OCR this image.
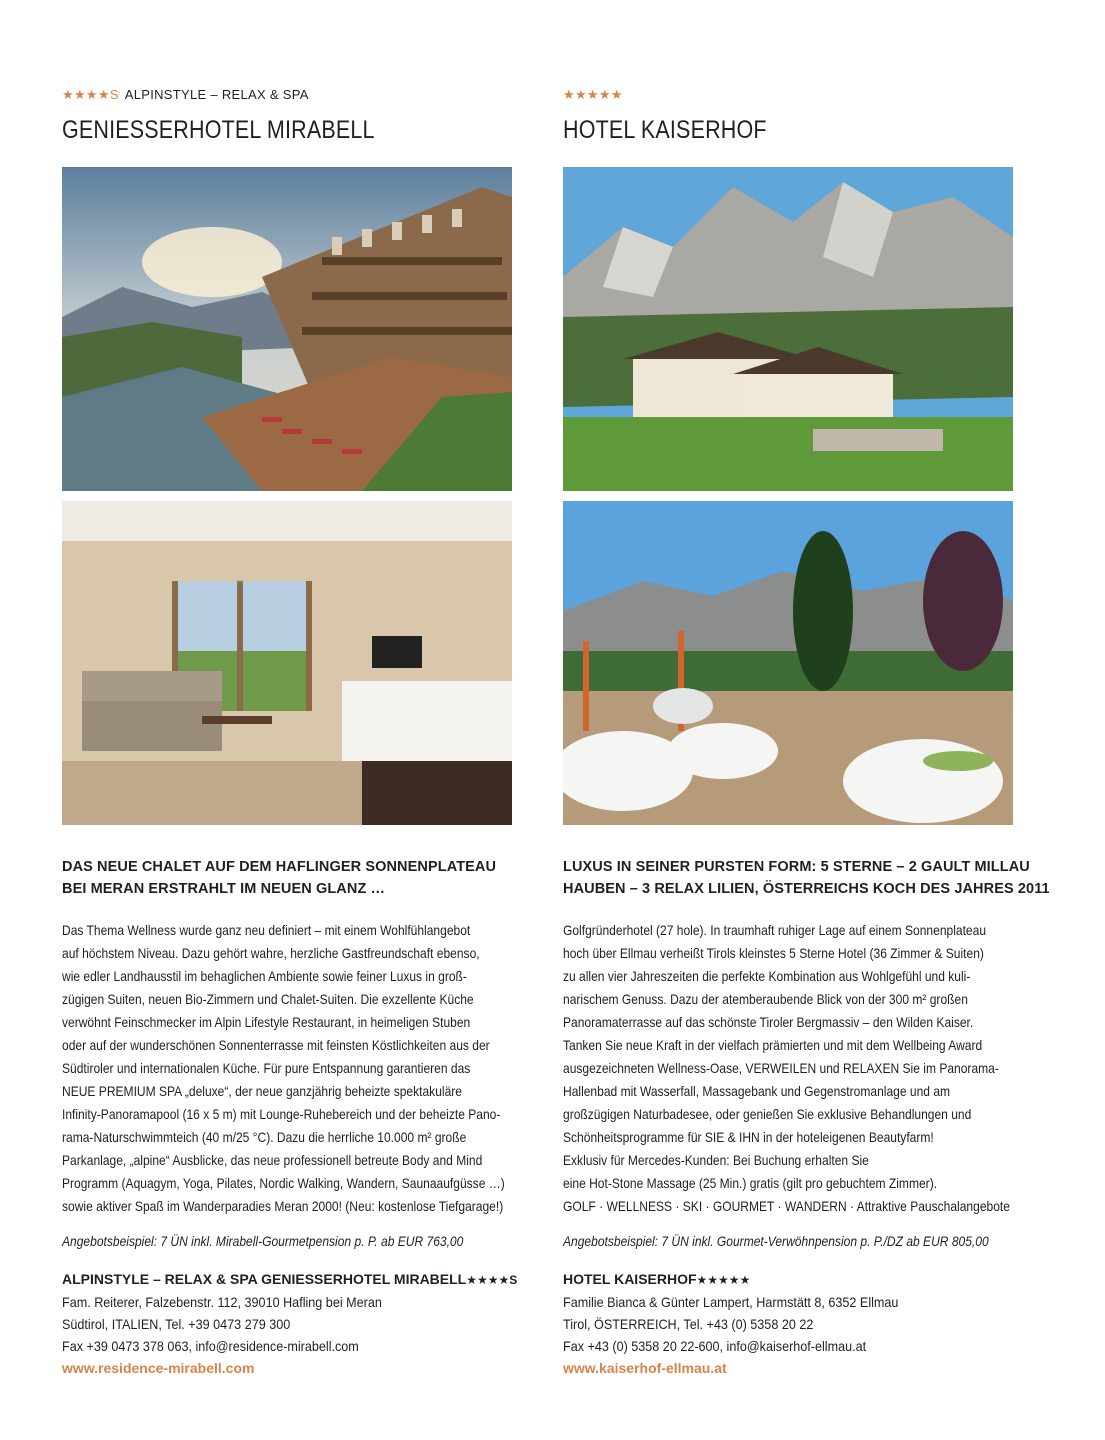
★★★★S ALPINSTYLE – RELAX & SPA
GENIESSERHOTEL MIRABELL
DAS NEUE CHALET AUF DEM HAFLINGER SONNENPLATEAU
BEI MERAN ERSTRAHLT IM NEUEN GLANZ …
Das Thema Wellness wurde ganz neu definiert – mit einem Wohlfühlangebot
auf höchstem Niveau. Dazu gehört wahre, herzliche Gastfreundschaft ebenso,
wie edler Landhausstil im behaglichen Ambiente sowie feiner Luxus in groß-
zügigen Suiten, neuen Bio-Zimmern und Chalet-Suiten. Die exzellente Küche
verwöhnt Feinschmecker im Alpin Lifestyle Restaurant, in heimeligen Stuben
oder auf der wunderschönen Sonnenterrasse mit feinsten Köstlichkeiten aus der
Südtiroler und internationalen Küche. Für pure Entspannung garantieren das
NEUE PREMIUM SPA „deluxe“, der neue ganzjährig beheizte spektakuläre
Infinity-Panoramapool (16 x 5 m) mit Lounge-Ruhebereich und der beheizte Pano-
rama-Naturschwimmteich (40 m/25 °C). Dazu die herrliche 10.000 m² große
Parkanlage, „alpine“ Ausblicke, das neue professionell betreute Body and Mind
Programm (Aquagym, Yoga, Pilates, Nordic Walking, Wandern, Saunaaufgüsse …)
sowie aktiver Spaß im Wanderparadies Meran 2000! (Neu: kostenlose Tiefgarage!)
Angebotsbeispiel: 7 ÜN inkl. Mirabell-Gourmetpension p. P. ab EUR 763,00
ALPINSTYLE – RELAX & SPA GENIESSERHOTEL MIRABELL★★★★S
Fam. Reiterer, Falzebenstr. 112, 39010 Hafling bei Meran
Südtirol, ITALIEN, Tel. +39 0473 279 300
Fax +39 0473 378 063, info@residence-mirabell.com
www.residence-mirabell.com
★★★★★
HOTEL KAISERHOF
LUXUS IN SEINER PURSTEN FORM: 5 STERNE – 2 GAULT MILLAU
HAUBEN – 3 RELAX LILIEN, ÖSTERREICHS KOCH DES JAHRES 2011
Golfgründerhotel (27 hole). In traumhaft ruhiger Lage auf einem Sonnenplateau
hoch über Ellmau verheißt Tirols kleinstes 5 Sterne Hotel (36 Zimmer & Suiten)
zu allen vier Jahreszeiten die perfekte Kombination aus Wohlgefühl und kuli-
narischem Genuss. Dazu der atemberaubende Blick von der 300 m² großen
Panoramaterrasse auf das schönste Tiroler Bergmassiv – den Wilden Kaiser.
Tanken Sie neue Kraft in der vielfach prämierten und mit dem Wellbeing Award
ausgezeichneten Wellness-Oase, VERWEILEN und RELAXEN Sie im Panorama-
Hallenbad mit Wasserfall, Massagebank und Gegenstromanlage und am
großzügigen Naturbadesee, oder genießen Sie exklusive Behandlungen und
Schönheitsprogramme für SIE & IHN in der hoteleigenen Beautyfarm!
Exklusiv für Mercedes-Kunden: Bei Buchung erhalten Sie
eine Hot-Stone Massage (25 Min.) gratis (gilt pro gebuchtem Zimmer).
GOLF · WELLNESS · SKI · GOURMET · WANDERN · Attraktive Pauschalangebote
Angebotsbeispiel: 7 ÜN inkl. Gourmet-Verwöhnpension p. P./DZ ab EUR 805,00
HOTEL KAISERHOF★★★★★
Familie Bianca & Günter Lampert, Harmstätt 8, 6352 Ellmau
Tirol, ÖSTERREICH, Tel. +43 (0) 5358 20 22
Fax +43 (0) 5358 20 22-600, info@kaiserhof-ellmau.at
www.kaiserhof-ellmau.at
